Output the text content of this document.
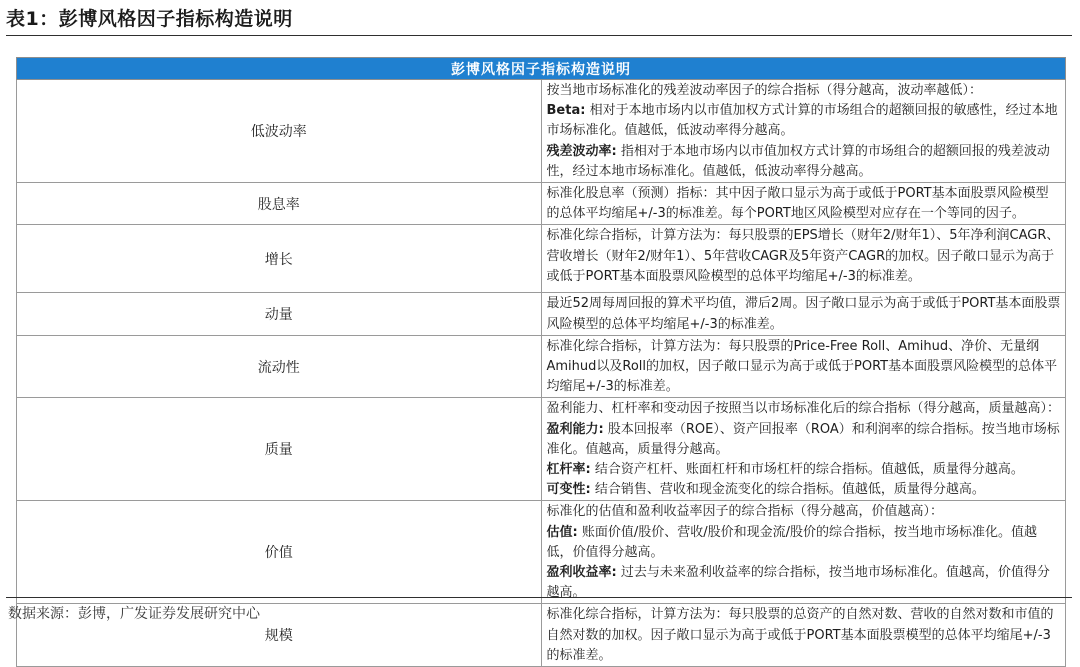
表1：彭博风格因子指标构造说明
彭博风格因子指标构造说明	
低波动率	按当地市场标准化的残差波动率因子的综合指标（得分越高，波动率越低）：
Beta: 相对于本地市场内以市值加权方式计算的市场组合的超额回报的敏感性，经过本地市场标准化。值越低，低波动率得分越高。
残差波动率: 指相对于本地市场内以市值加权方式计算的市场组合的超额回报的残差波动性，经过本地市场标准化。值越低，低波动率得分越高。

股息率	标准化股息率（预测）指标：其中因子敞口显示为高于或低于PORT基本面股票风险模型的总体平均缩尾+/-3的标准差。每个PORT地区风险模型对应存在一个等同的因子。

增长	标准化综合指标，计算方法为：每只股票的EPS增长（财年2/财年1）、5年净利润CAGR、营收增长（财年2/财年1）、5年营收CAGR及5年资产CAGR的加权。因子敞口显示为高于或低于PORT基本面股票风险模型的总体平均缩尾+/-3的标准差。

动量	最近52周每周回报的算术平均值，滞后2周。因子敞口显示为高于或低于PORT基本面股票风险模型的总体平均缩尾+/-3的标准差。

流动性	标准化综合指标，计算方法为：每只股票的Price-Free Roll、Amihud、净价、无量纲Amihud以及Roll的加权，因子敞口显示为高于或低于PORT基本面股票风险模型的总体平均缩尾+/-3的标准差。

质量	盈利能力、杠杆率和变动因子按照当以市场标准化后的综合指标（得分越高，质量越高）：
盈利能力: 股本回报率（ROE）、资产回报率（ROA）和利润率的综合指标。按当地市场标准化。值越高，质量得分越高。
杠杆率: 结合资产杠杆、账面杠杆和市场杠杆的综合指标。值越低，质量得分越高。
可变性: 结合销售、营收和现金流变化的综合指标。值越低，质量得分越高。

价值	标准化的估值和盈利收益率因子的综合指标（得分越高，价值越高）：
估值: 账面价值/股价、营收/股价和现金流/股价的综合指标，按当地市场标准化。值越低，价值得分越高。
盈利收益率: 过去与未来盈利收益率的综合指标，按当地市场标准化。值越高，价值得分越高。

规模	标准化综合指标，计算方法为：每只股票的总资产的自然对数、营收的自然对数和市值的自然对数的加权。因子敞口显示为高于或低于PORT基本面股票模型的总体平均缩尾+/-3的标准差。
数据来源：彭博，广发证券发展研究中心
